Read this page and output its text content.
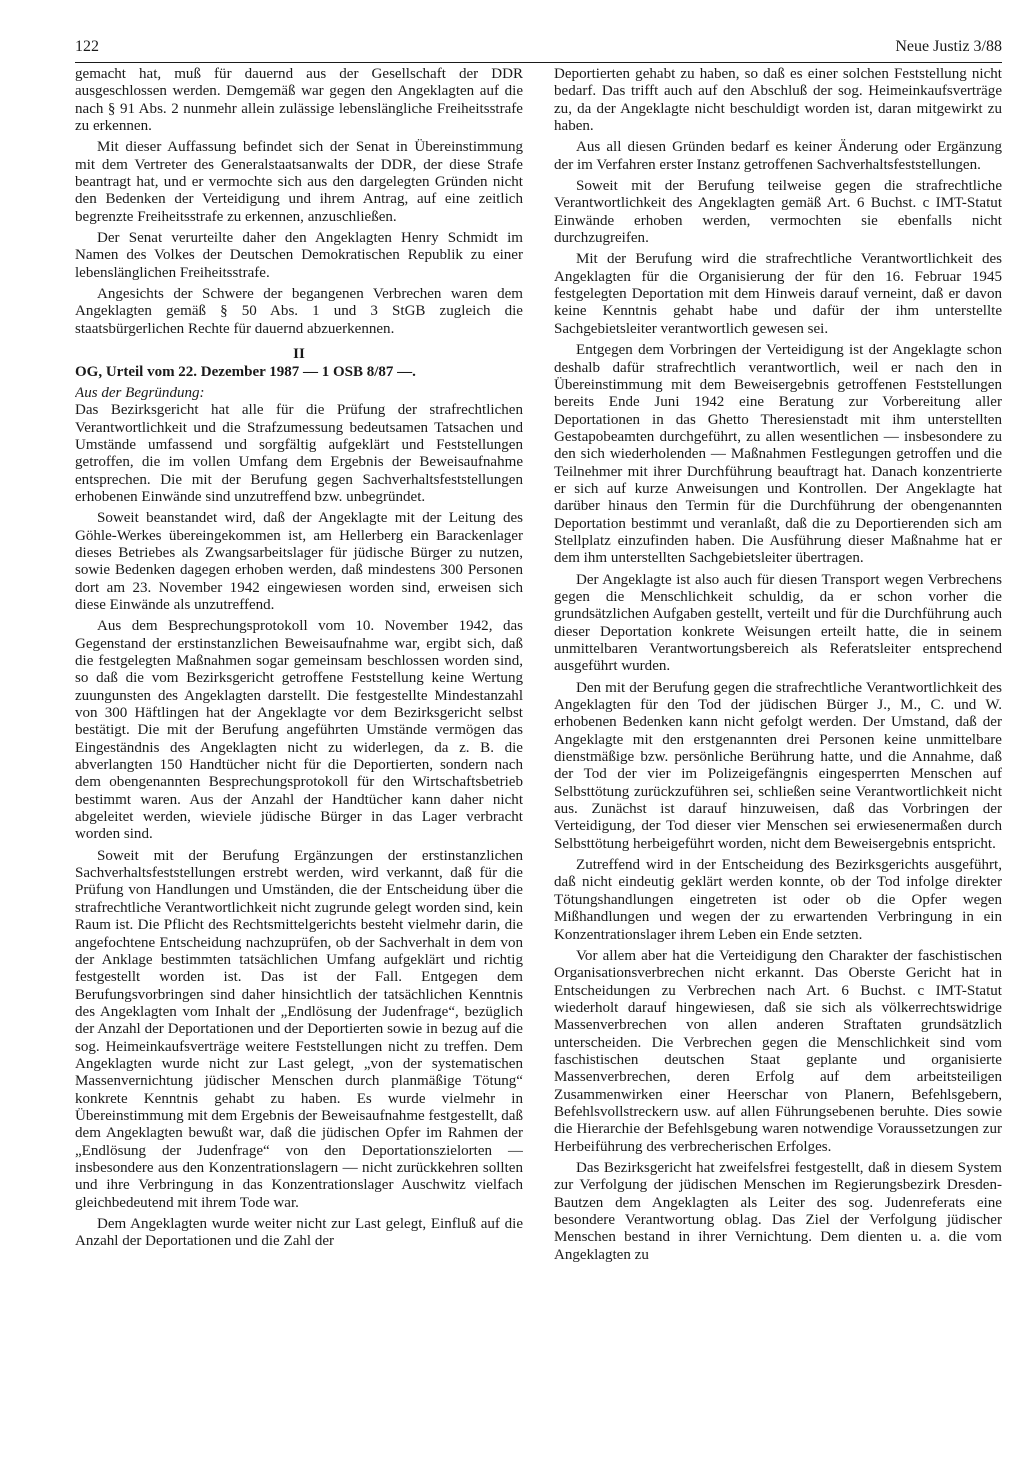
122	Neue Justiz 3/88

gemacht hat, muß für dauernd aus der Gesellschaft der DDR ausgeschlossen werden. Demgemäß war gegen den Angeklagten auf die nach § 91 Abs. 2 nunmehr allein zulässige lebenslängliche Freiheitsstrafe zu erkennen.

Mit dieser Auffassung befindet sich der Senat in Übereinstimmung mit dem Vertreter des Generalstaatsanwalts der DDR, der diese Strafe beantragt hat, und er vermochte sich aus den dargelegten Gründen nicht den Bedenken der Verteidigung und ihrem Antrag, auf eine zeitlich begrenzte Freiheitsstrafe zu erkennen, anzuschließen.

Der Senat verurteilte daher den Angeklagten Henry Schmidt im Namen des Volkes der Deutschen Demokratischen Republik zu einer lebenslänglichen Freiheitsstrafe.

Angesichts der Schwere der begangenen Verbrechen waren dem Angeklagten gemäß § 50 Abs. 1 und 3 StGB zugleich die staatsbürgerlichen Rechte für dauernd abzuerkennen.

II
OG, Urteil vom 22. Dezember 1987 — 1 OSB 8/87 —.
Aus der Begründung:

Das Bezirksgericht hat alle für die Prüfung der strafrechtlichen Verantwortlichkeit und die Strafzumessung bedeutsamen Tatsachen und Umstände umfassend und sorgfältig aufgeklärt und Feststellungen getroffen, die im vollen Umfang dem Ergebnis der Beweisaufnahme entsprechen. Die mit der Berufung gegen Sachverhaltsfeststellungen erhobenen Einwände sind unzutreffend bzw. unbegründet.

Soweit beanstandet wird, daß der Angeklagte mit der Leitung des Göhle-Werkes übereingekommen ist, am Hellerberg ein Barackenlager dieses Betriebes als Zwangsarbeitslager für jüdische Bürger zu nutzen, sowie Bedenken dagegen erhoben werden, daß mindestens 300 Personen dort am 23. November 1942 eingewiesen worden sind, erweisen sich diese Einwände als unzutreffend.

Aus dem Besprechungsprotokoll vom 10. November 1942, das Gegenstand der erstinstanzlichen Beweisaufnahme war, ergibt sich, daß die festgelegten Maßnahmen sogar gemeinsam beschlossen worden sind, so daß die vom Bezirksgericht getroffene Feststellung keine Wertung zuungunsten des Angeklagten darstellt. Die festgestellte Mindestanzahl von 300 Häftlingen hat der Angeklagte vor dem Bezirksgericht selbst bestätigt. Die mit der Berufung angeführten Umstände vermögen das Eingeständnis des Angeklagten nicht zu widerlegen, da z. B. die abverlangten 150 Handtücher nicht für die Deportierten, sondern nach dem obengenannten Besprechungsprotokoll für den Wirtschaftsbetrieb bestimmt waren. Aus der Anzahl der Handtücher kann daher nicht abgeleitet werden, wieviele jüdische Bürger in das Lager verbracht worden sind.

Soweit mit der Berufung Ergänzungen der erstinstanzlichen Sachverhaltsfeststellungen erstrebt werden, wird verkannt, daß für die Prüfung von Handlungen und Umständen, die der Entscheidung über die strafrechtliche Verantwortlichkeit nicht zugrunde gelegt worden sind, kein Raum ist. Die Pflicht des Rechtsmittelgerichts besteht vielmehr darin, die angefochtene Entscheidung nachzuprüfen, ob der Sachverhalt in dem von der Anklage bestimmten tatsächlichen Umfang aufgeklärt und richtig festgestellt worden ist. Das ist der Fall. Entgegen dem Berufungsvorbringen sind daher hinsichtlich der tatsächlichen Kenntnis des Angeklagten vom Inhalt der „Endlösung der Judenfrage“, bezüglich der Anzahl der Deportationen und der Deportierten sowie in bezug auf die sog. Heimeinkaufsverträge weitere Feststellungen nicht zu treffen. Dem Angeklagten wurde nicht zur Last gelegt, „von der systematischen Massenvernichtung jüdischer Menschen durch planmäßige Tötung“ konkrete Kenntnis gehabt zu haben. Es wurde vielmehr in Übereinstimmung mit dem Ergebnis der Beweisaufnahme festgestellt, daß dem Angeklagten bewußt war, daß die jüdischen Opfer im Rahmen der „Endlösung der Judenfrage“ von den Deportationszielorten — insbesondere aus den Konzentrationslagern — nicht zurückkehren sollten und ihre Verbringung in das Konzentrationslager Auschwitz vielfach gleichbedeutend mit ihrem Tode war.

Dem Angeklagten wurde weiter nicht zur Last gelegt, Einfluß auf die Anzahl der Deportationen und die Zahl der

Deportierten gehabt zu haben, so daß es einer solchen Feststellung nicht bedarf. Das trifft auch auf den Abschluß der sog. Heimeinkaufsverträge zu, da der Angeklagte nicht beschuldigt worden ist, daran mitgewirkt zu haben.

Aus all diesen Gründen bedarf es keiner Änderung oder Ergänzung der im Verfahren erster Instanz getroffenen Sachverhaltsfeststellungen.

Soweit mit der Berufung teilweise gegen die strafrechtliche Verantwortlichkeit des Angeklagten gemäß Art. 6 Buchst. c IMT-Statut Einwände erhoben werden, vermochten sie ebenfalls nicht durchzugreifen.

Mit der Berufung wird die strafrechtliche Verantwortlichkeit des Angeklagten für die Organisierung der für den 16. Februar 1945 festgelegten Deportation mit dem Hinweis darauf verneint, daß er davon keine Kenntnis gehabt habe und dafür der ihm unterstellte Sachgebietsleiter verantwortlich gewesen sei.

Entgegen dem Vorbringen der Verteidigung ist der Angeklagte schon deshalb dafür strafrechtlich verantwortlich, weil er nach den in Übereinstimmung mit dem Beweisergebnis getroffenen Feststellungen bereits Ende Juni 1942 eine Beratung zur Vorbereitung aller Deportationen in das Ghetto Theresienstadt mit ihm unterstellten Gestapobeamten durchgeführt, zu allen wesentlichen — insbesondere zu den sich wiederholenden — Maßnahmen Festlegungen getroffen und die Teilnehmer mit ihrer Durchführung beauftragt hat. Danach konzentrierte er sich auf kurze Anweisungen und Kontrollen. Der Angeklagte hat darüber hinaus den Termin für die Durchführung der obengenannten Deportation bestimmt und veranlaßt, daß die zu Deportierenden sich am Stellplatz einzufinden haben. Die Ausführung dieser Maßnahme hat er dem ihm unterstellten Sachgebietsleiter übertragen.

Der Angeklagte ist also auch für diesen Transport wegen Verbrechens gegen die Menschlichkeit schuldig, da er schon vorher die grundsätzlichen Aufgaben gestellt, verteilt und für die Durchführung auch dieser Deportation konkrete Weisungen erteilt hatte, die in seinem unmittelbaren Verantwortungsbereich als Referatsleiter entsprechend ausgeführt wurden.

Den mit der Berufung gegen die strafrechtliche Verantwortlichkeit des Angeklagten für den Tod der jüdischen Bürger J., M., C. und W. erhobenen Bedenken kann nicht gefolgt werden. Der Umstand, daß der Angeklagte mit den erstgenannten drei Personen keine unmittelbare dienstmäßige bzw. persönliche Berührung hatte, und die Annahme, daß der Tod der vier im Polizeigefängnis eingesperrten Menschen auf Selbsttötung zurückzuführen sei, schließen seine Verantwortlichkeit nicht aus. Zunächst ist darauf hinzuweisen, daß das Vorbringen der Verteidigung, der Tod dieser vier Menschen sei erwiesenermaßen durch Selbsttötung herbeigeführt worden, nicht dem Beweisergebnis entspricht.

Zutreffend wird in der Entscheidung des Bezirksgerichts ausgeführt, daß nicht eindeutig geklärt werden konnte, ob der Tod infolge direkter Tötungshandlungen eingetreten ist oder ob die Opfer wegen Mißhandlungen und wegen der zu erwartenden Verbringung in ein Konzentrationslager ihrem Leben ein Ende setzten.

Vor allem aber hat die Verteidigung den Charakter der faschistischen Organisationsverbrechen nicht erkannt. Das Oberste Gericht hat in Entscheidungen zu Verbrechen nach Art. 6 Buchst. c IMT-Statut wiederholt darauf hingewiesen, daß sie sich als völkerrechtswidrige Massenverbrechen von allen anderen Straftaten grundsätzlich unterscheiden. Die Verbrechen gegen die Menschlichkeit sind vom faschistischen deutschen Staat geplante und organisierte Massenverbrechen, deren Erfolg auf dem arbeitsteiligen Zusammenwirken einer Heerschar von Planern, Befehlsgebern, Befehlsvollstreckern usw. auf allen Führungsebenen beruhte. Dies sowie die Hierarchie der Befehlsgebung waren notwendige Voraussetzungen zur Herbeiführung des verbrecherischen Erfolges.

Das Bezirksgericht hat zweifelsfrei festgestellt, daß in diesem System zur Verfolgung der jüdischen Menschen im Regierungsbezirk Dresden-Bautzen dem Angeklagten als Leiter des sog. Judenreferats eine besondere Verantwortung oblag. Das Ziel der Verfolgung jüdischer Menschen bestand in ihrer Vernichtung. Dem dienten u. a. die vom Angeklagten zu
